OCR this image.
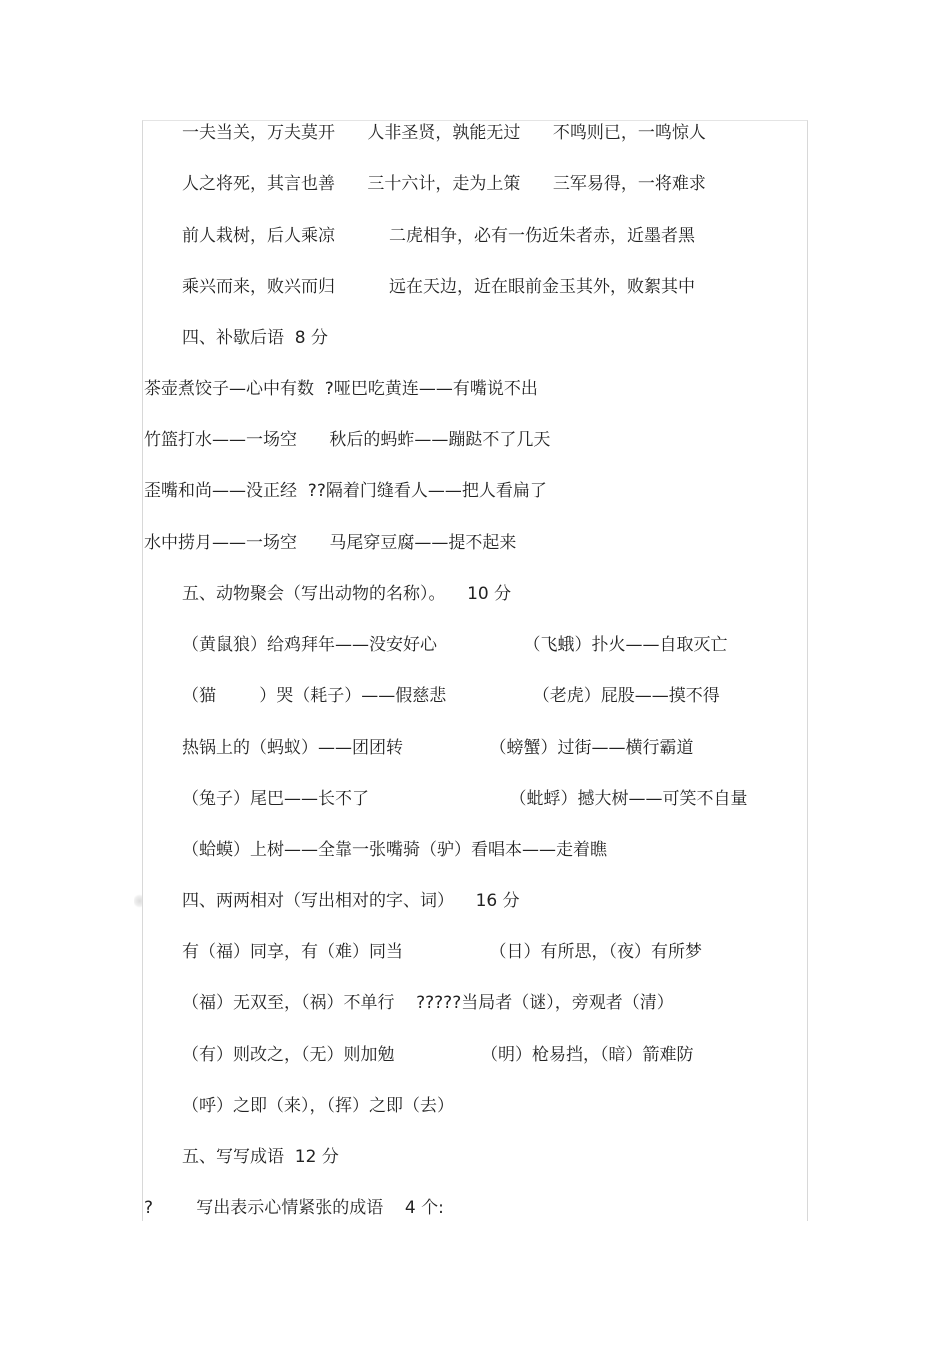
一夫当关，万夫莫开      人非圣贤，孰能无过      不鸣则已，一鸣惊人
人之将死，其言也善      三十六计，走为上策      三军易得，一将难求
前人栽树，后人乘凉          二虎相争，必有一伤近朱者赤，近墨者黑
乘兴而来，败兴而归          远在天边，近在眼前金玉其外，败絮其中
四、补歇后语  8 分
茶壶煮饺子—心中有数  ?哑巴吃黄连——有嘴说不出
竹篮打水——一场空      秋后的蚂蚱——蹦跶不了几天
歪嘴和尚——没正经  ??隔着门缝看人——把人看扁了
水中捞月——一场空      马尾穿豆腐——提不起来
五、动物聚会（写出动物的名称）。    10 分
（黄鼠狼）给鸡拜年——没安好心                （飞蛾）扑火——自取灭亡
（猫        ）哭（耗子）——假慈悲                （老虎）屁股——摸不得
热锅上的（蚂蚁）——团团转                （螃蟹）过街——横行霸道
（兔子）尾巴——长不了                          （蚍蜉）撼大树——可笑不自量
（蛤蟆）上树——全靠一张嘴骑（驴）看唱本——走着瞧
四、两两相对（写出相对的字、词）    16 分
有（福）同享，有（难）同当                （日）有所思，（夜）有所梦
（福）无双至，（祸）不单行    ?????当局者（谜），旁观者（清）
（有）则改之，（无）则加勉                （明）枪易挡，（暗）箭难防
（呼）之即（来），（挥）之即（去）
五、写写成语  12 分
?        写出表示心情紧张的成语    4 个:
